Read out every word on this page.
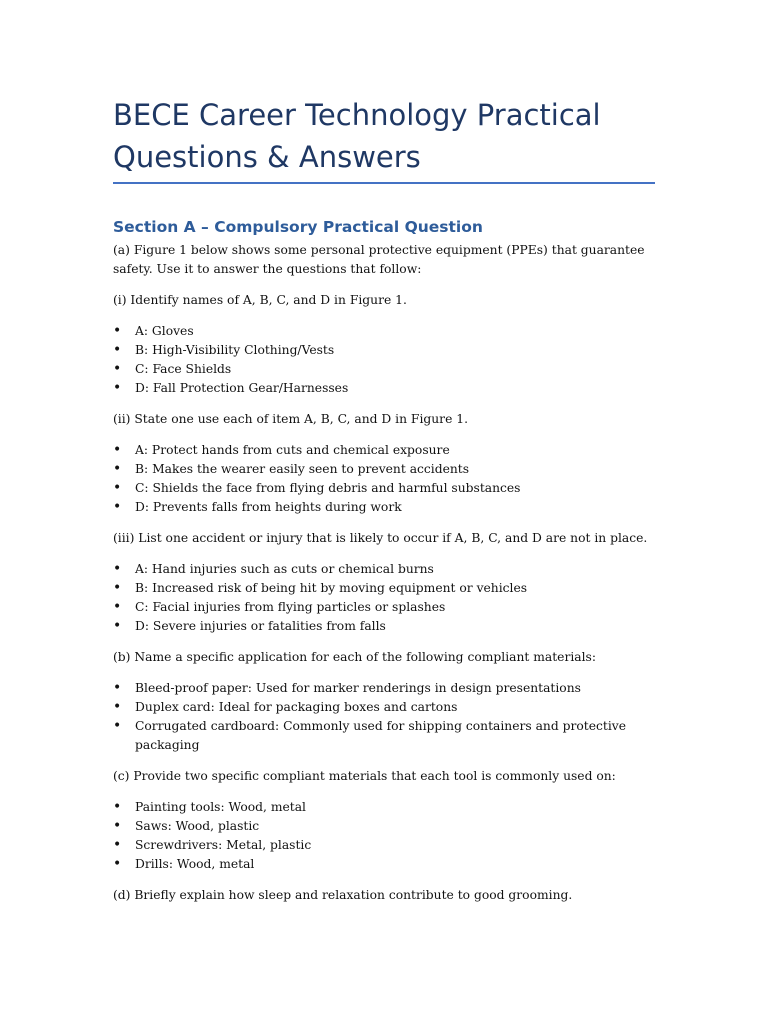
BECE Career Technology Practical Questions & Answers
Section A – Compulsory Practical Question

(a) Figure 1 below shows some personal protective equipment (PPEs) that guarantee safety. Use it to answer the questions that follow:

(i) Identify names of A, B, C, and D in Figure 1.

• A: Gloves
• B: High-Visibility Clothing/Vests
• C: Face Shields
• D: Fall Protection Gear/Harnesses

(ii) State one use each of item A, B, C, and D in Figure 1.

• A: Protect hands from cuts and chemical exposure
• B: Makes the wearer easily seen to prevent accidents
• C: Shields the face from flying debris and harmful substances
• D: Prevents falls from heights during work

(iii) List one accident or injury that is likely to occur if A, B, C, and D are not in place.

• A: Hand injuries such as cuts or chemical burns
• B: Increased risk of being hit by moving equipment or vehicles
• C: Facial injuries from flying particles or splashes
• D: Severe injuries or fatalities from falls

(b) Name a specific application for each of the following compliant materials:

• Bleed-proof paper: Used for marker renderings in design presentations
• Duplex card: Ideal for packaging boxes and cartons
• Corrugated cardboard: Commonly used for shipping containers and protective packaging

(c) Provide two specific compliant materials that each tool is commonly used on:

• Painting tools: Wood, metal
• Saws: Wood, plastic
• Screwdrivers: Metal, plastic
• Drills: Wood, metal

(d) Briefly explain how sleep and relaxation contribute to good grooming.
